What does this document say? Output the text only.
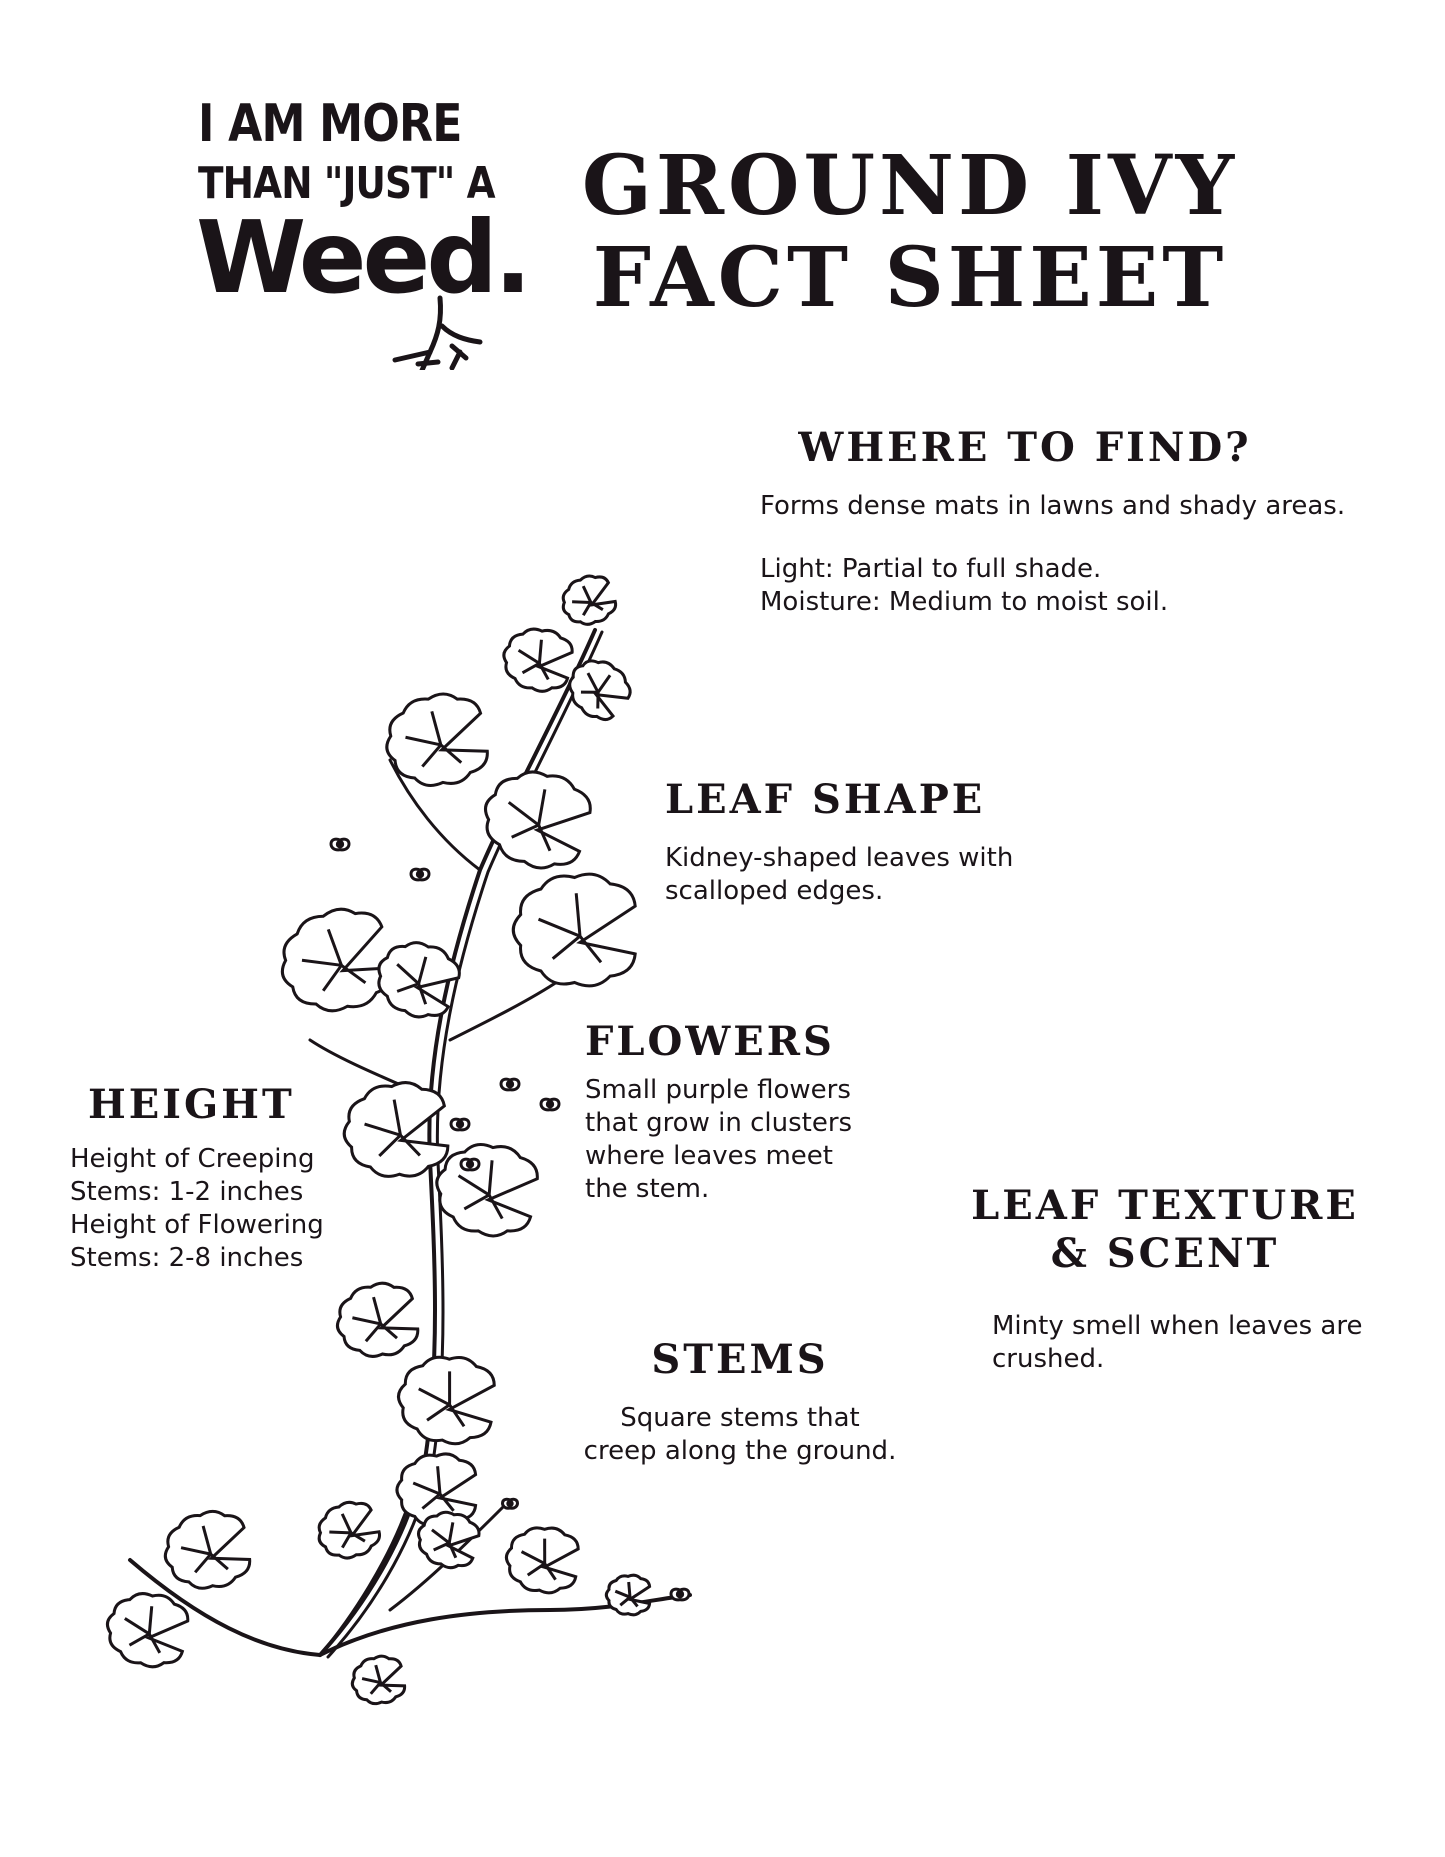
I AM MORE
THAN "JUST" A
Weed.
GROUND IVY
FACT SHEET
WHERE TO FIND?

Forms dense mats in lawns and shady areas.

Light: Partial to full shade.
Moisture: Medium to moist soil.

LEAF SHAPE

Kidney-shaped leaves with
scalloped edges.

FLOWERS

Small purple flowers
that grow in clusters
where leaves meet
the stem.

HEIGHT

Height of Creeping
Stems: 1-2 inches
Height of Flowering
Stems: 2-8 inches

LEAF TEXTURE
& SCENT

Minty smell when leaves are
crushed.

STEMS

Square stems that
creep along the ground.
